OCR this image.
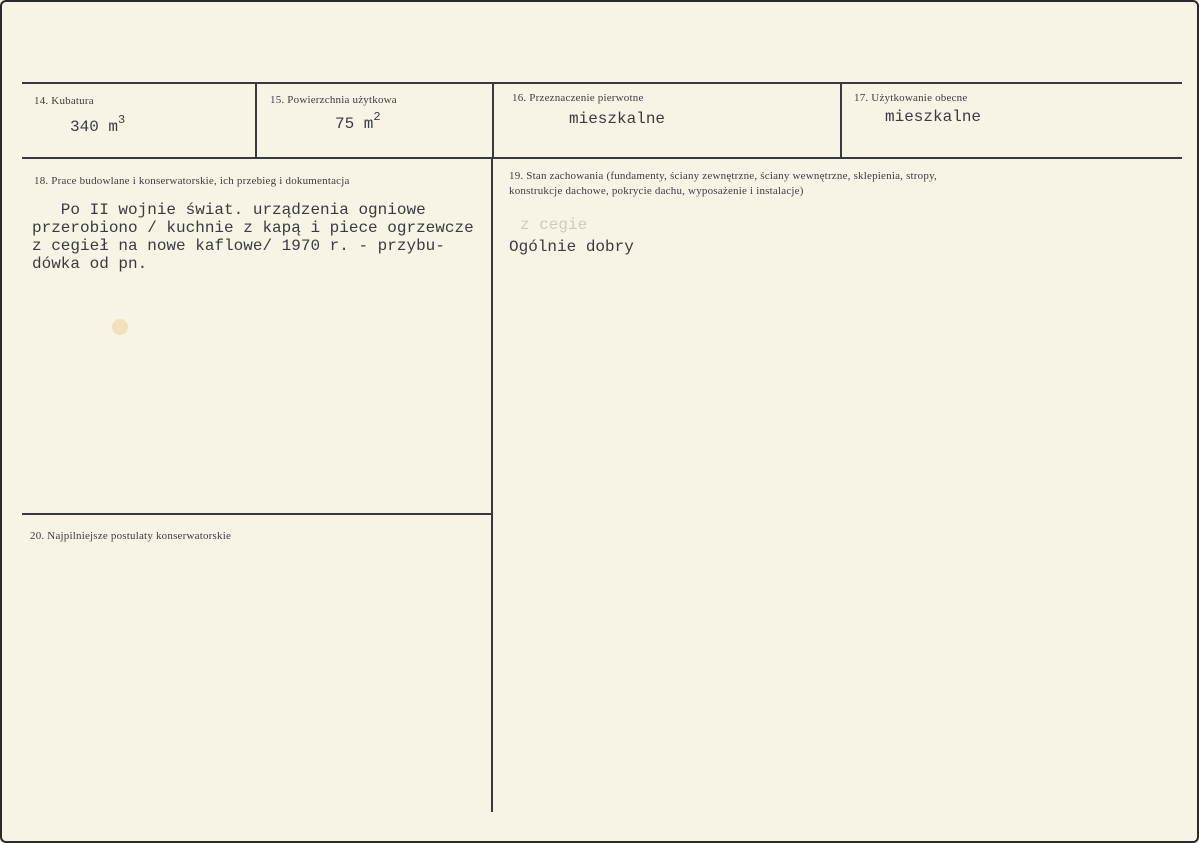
14. Kubatura
340 $m^3$
15. Powierzchnia użytkowa
75 $m^2$
16. Przeznaczenie pierwotne
mieszkalne
17. Użytkowanie obecne
mieszkalne
18. Prace budowlane i konserwatorskie, ich przebieg i dokumentacja
Po II wojnie świat. urządzenia ogniowe
przerobiono / kuchnie z kapą i piece ogrzewcze
z cegieł na nowe kaflowe/ 1970 r. - przybu-
dówka od pn.
z cegie
19. Stan zachowania (fundamenty, ściany zewnętrzne, ściany wewnętrzne, sklepienia, stropy,
konstrukcje dachowe, pokrycie dachu, wyposażenie i instalacje)
Ogólnie dobry
20. Najpilniejsze postulaty konserwatorskie
